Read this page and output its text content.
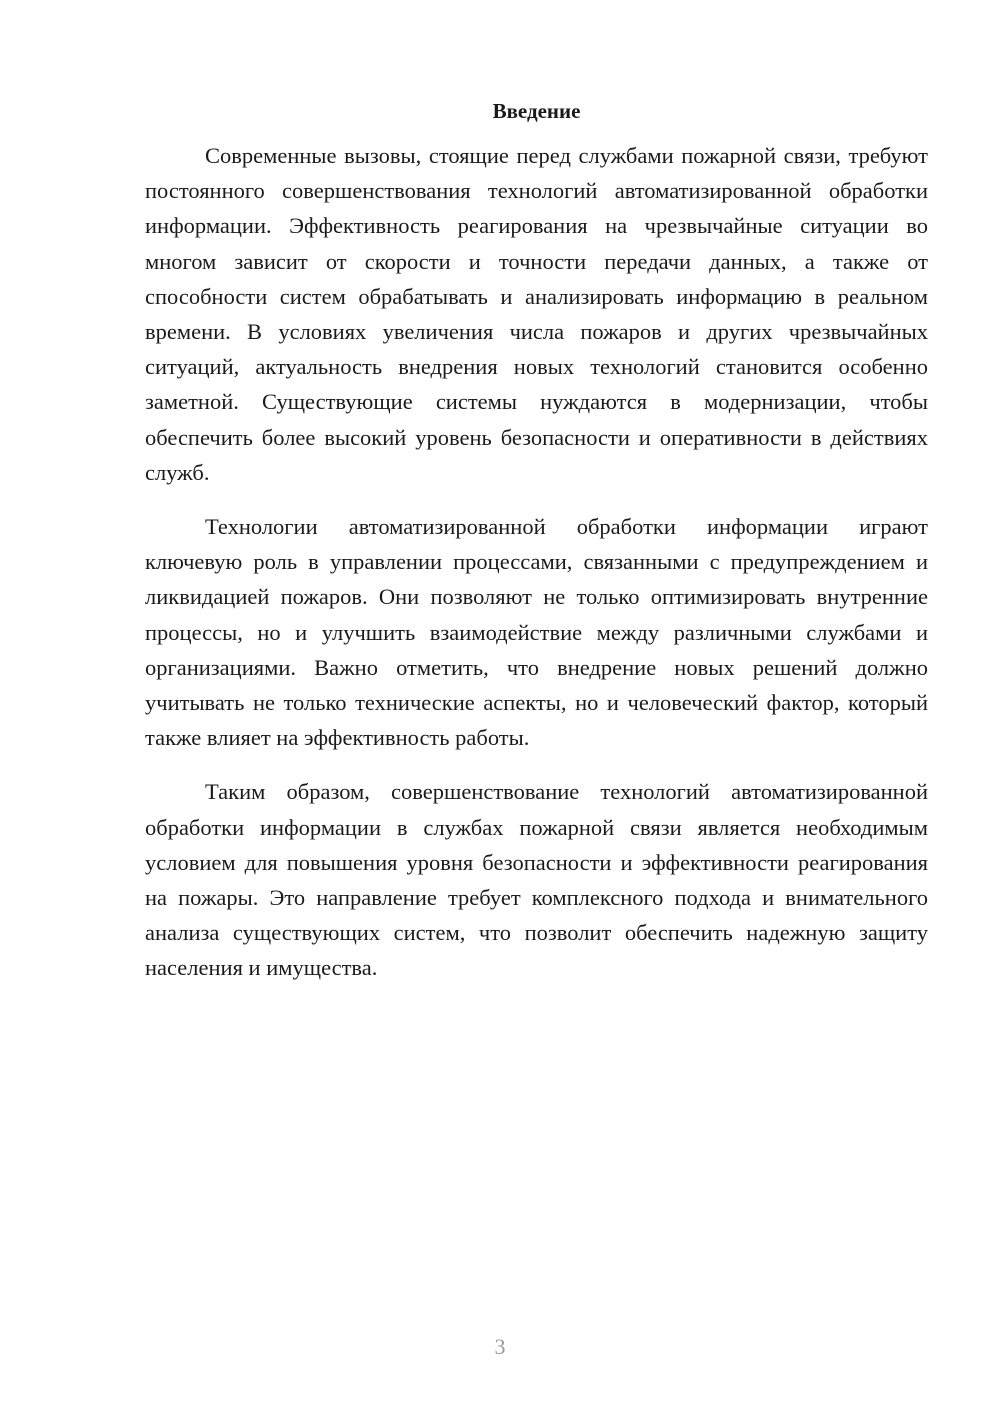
Введение

Современные вызовы, стоящие перед службами пожарной связи, требуют постоянного совершенствования технологий автоматизированной обработки информации. Эффективность реагирования на чрезвычайные ситуации во многом зависит от скорости и точности передачи данных, а также от способности систем обрабатывать и анализировать информацию в реальном времени. В условиях увеличения числа пожаров и других чрезвычайных ситуаций, актуальность внедрения новых технологий становится особенно заметной. Существующие системы нуждаются в модернизации, чтобы обеспечить более высокий уровень безопасности и оперативности в действиях служб.

Технологии автоматизированной обработки информации играют ключевую роль в управлении процессами, связанными с предупреждением и ликвидацией пожаров. Они позволяют не только оптимизировать внутренние процессы, но и улучшить взаимодействие между различными службами и организациями. Важно отметить, что внедрение новых решений должно учитывать не только технические аспекты, но и человеческий фактор, который также влияет на эффективность работы.

Таким образом, совершенствование технологий автоматизированной обработки информации в службах пожарной связи является необходимым условием для повышения уровня безопасности и эффективности реагирования на пожары. Это направление требует комплексного подхода и внимательного анализа существующих систем, что позволит обеспечить надежную защиту населения и имущества.

3
